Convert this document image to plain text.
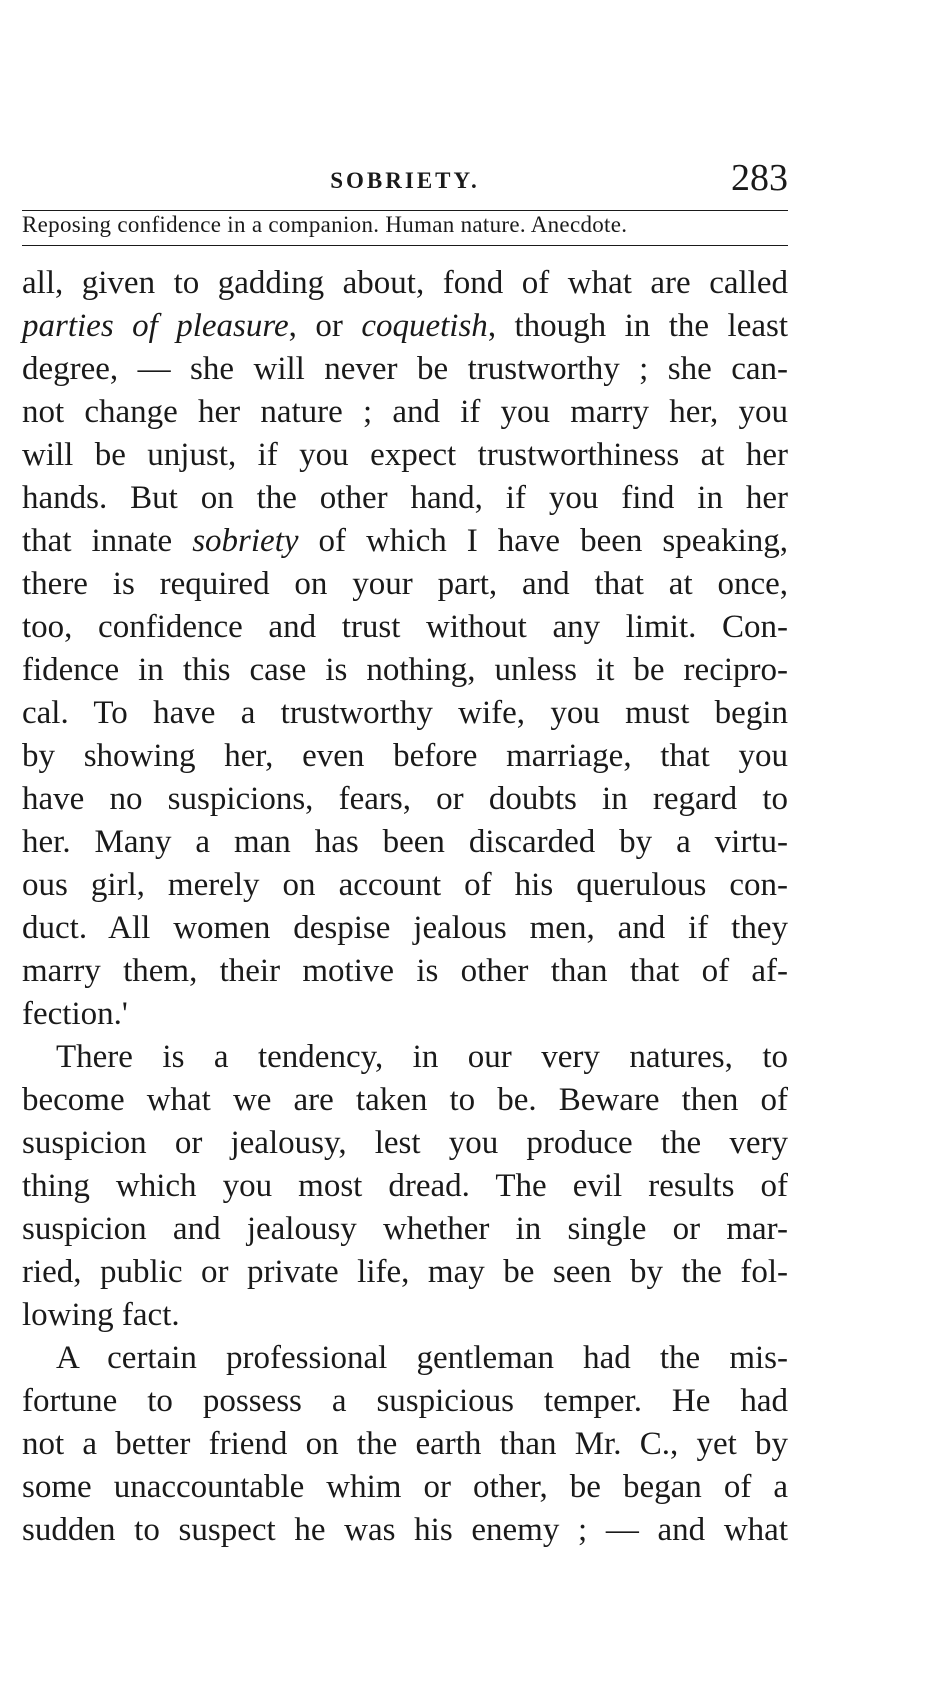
SOBRIETY.	283
Reposing confidence in a companion. Human nature. Anecdote.
all, given to gadding about, fond of what are called
parties of pleasure, or coquetish, though in the least
degree, — she will never be trustworthy ; she can-
not change her nature ; and if you marry her, you
will be unjust, if you expect trustworthiness at her
hands. But on the other hand, if you find in her
that innate sobriety of which I have been speaking,
there is required on your part, and that at once,
too, confidence and trust without any limit. Con-
fidence in this case is nothing, unless it be recipro-
cal. To have a trustworthy wife, you must begin
by showing her, even before marriage, that you
have no suspicions, fears, or doubts in regard to
her. Many a man has been discarded by a virtu-
ous girl, merely on account of his querulous con-
duct. All women despise jealous men, and if they
marry them, their motive is other than that of af-
fection.'
There is a tendency, in our very natures, to
become what we are taken to be. Beware then of
suspicion or jealousy, lest you produce the very
thing which you most dread. The evil results of
suspicion and jealousy whether in single or mar-
ried, public or private life, may be seen by the fol-
lowing fact.
A certain professional gentleman had the mis-
fortune to possess a suspicious temper. He had
not a better friend on the earth than Mr. C., yet by
some unaccountable whim or other, be began of a
sudden to suspect he was his enemy ; — and what
